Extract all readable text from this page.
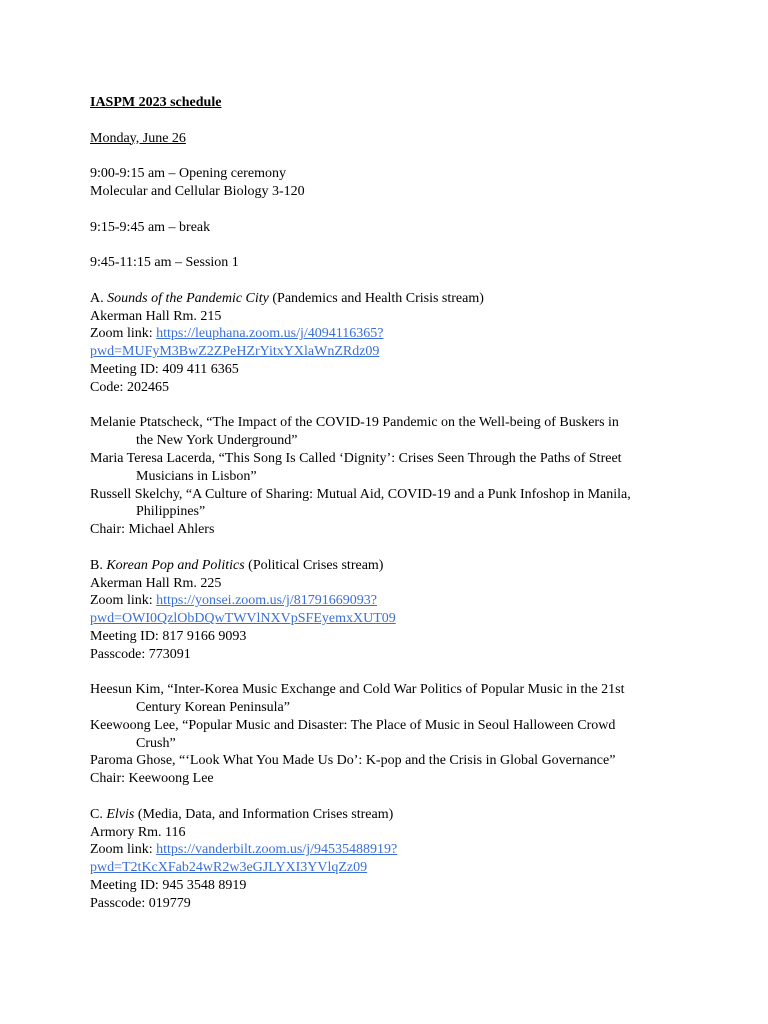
IASPM 2023 schedule

Monday, June 26

9:00-9:15 am – Opening ceremony

Molecular and Cellular Biology 3-120

9:15-9:45 am – break

9:45-11:15 am – Session 1

A. Sounds of the Pandemic City (Pandemics and Health Crisis stream)

Akerman Hall Rm. 215

Zoom link: https://leuphana.zoom.us/j/4094116365?

pwd=MUFyM3BwZ2ZPeHZrYitxYXlaWnZRdz09

Meeting ID: 409 411 6365

Code: 202465

Melanie Ptatscheck, “The Impact of the COVID-19 Pandemic on the Well-being of Buskers in

the New York Underground”

Maria Teresa Lacerda, “This Song Is Called ‘Dignity’: Crises Seen Through the Paths of Street

Musicians in Lisbon”

Russell Skelchy, “A Culture of Sharing: Mutual Aid, COVID-19 and a Punk Infoshop in Manila,

Philippines”

Chair: Michael Ahlers

B. Korean Pop and Politics (Political Crises stream)

Akerman Hall Rm. 225

Zoom link: https://yonsei.zoom.us/j/81791669093?

pwd=OWI0QzlObDQwTWVlNXVpSFEyemxXUT09

Meeting ID: 817 9166 9093

Passcode: 773091

Heesun Kim, “Inter-Korea Music Exchange and Cold War Politics of Popular Music in the 21st

Century Korean Peninsula”

Keewoong Lee, “Popular Music and Disaster: The Place of Music in Seoul Halloween Crowd

Crush”

Paroma Ghose, “‘Look What You Made Us Do’: K-pop and the Crisis in Global Governance”

Chair: Keewoong Lee

C. Elvis (Media, Data, and Information Crises stream)

Armory Rm. 116

Zoom link: https://vanderbilt.zoom.us/j/94535488919?

pwd=T2tKcXFab24wR2w3eGJLYXI3YVlqZz09

Meeting ID: 945 3548 8919

Passcode: 019779
